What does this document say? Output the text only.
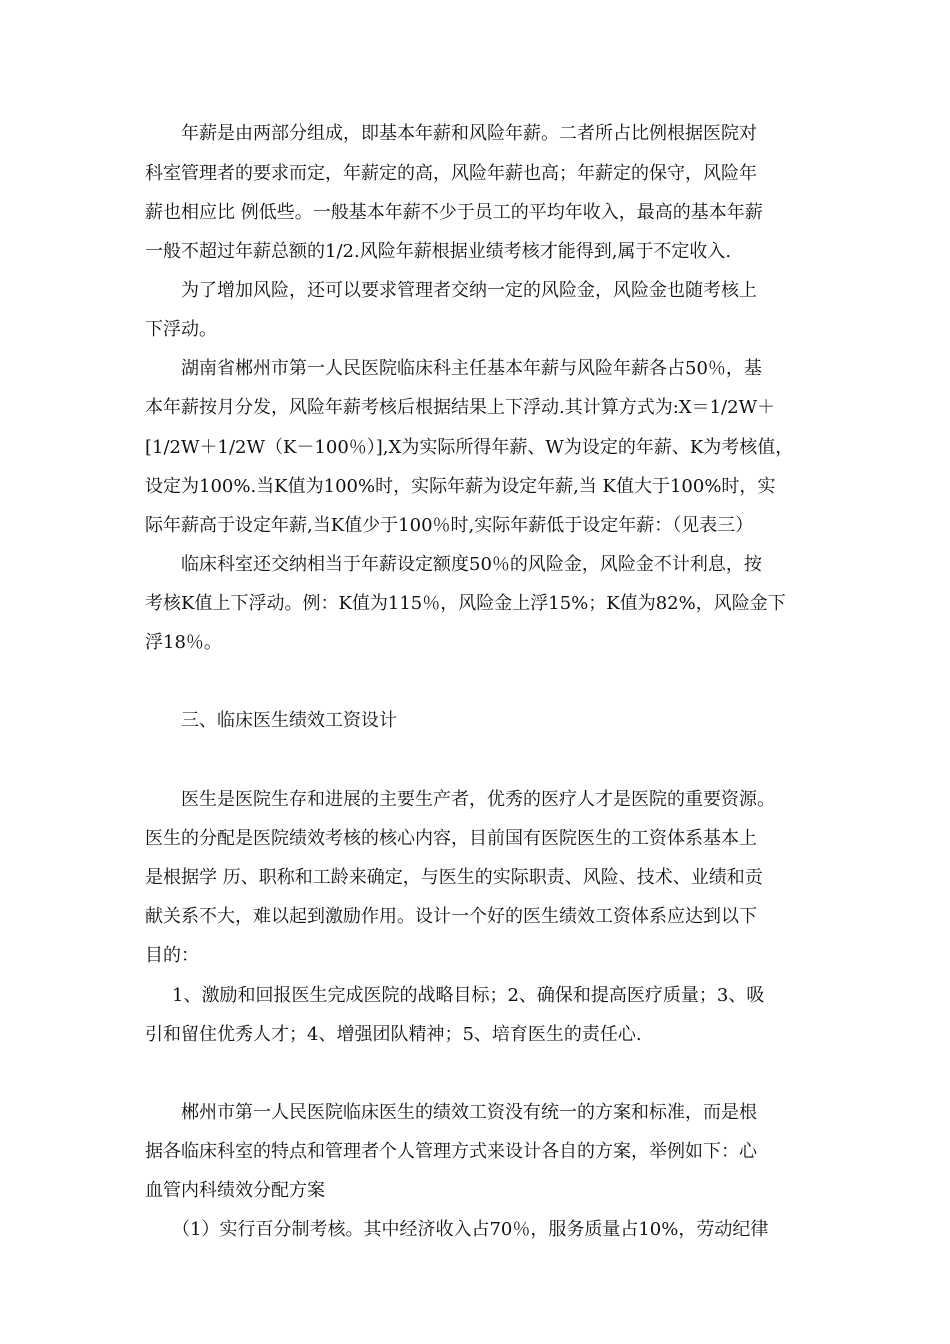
年薪是由两部分组成，即基本年薪和风险年薪。二者所占比例根据医院对
科室管理者的要求而定，年薪定的高，风险年薪也高；年薪定的保守，风险年
薪也相应比 例低些。一般基本年薪不少于员工的平均年收入，最高的基本年薪
一般不超过年薪总额的1/2.风险年薪根据业绩考核才能得到,属于不定收入.
为了增加风险，还可以要求管理者交纳一定的风险金，风险金也随考核上
下浮动。
湖南省郴州市第一人民医院临床科主任基本年薪与风险年薪各占50％，基
本年薪按月分发，风险年薪考核后根据结果上下浮动.其计算方式为:X＝1/2W＋
[1/2W＋1/2W（K－100％）],X为实际所得年薪、W为设定的年薪、K为考核值，
设定为100%.当K值为100%时，实际年薪为设定年薪,当 K值大于100%时，实
际年薪高于设定年薪,当K值少于100％时,实际年薪低于设定年薪：（见表三）
临床科室还交纳相当于年薪设定额度50％的风险金，风险金不计利息，按
考核K值上下浮动。例：K值为115％，风险金上浮15%；K值为82%，风险金下
浮18％。
三、临床医生绩效工资设计
医生是医院生存和进展的主要生产者，优秀的医疗人才是医院的重要资源。
医生的分配是医院绩效考核的核心内容，目前国有医院医生的工资体系基本上
是根据学 历、职称和工龄来确定，与医生的实际职责、风险、技术、业绩和贡
献关系不大，难以起到激励作用。设计一个好的医生绩效工资体系应达到以下
目的：
1、激励和回报医生完成医院的战略目标；2、确保和提高医疗质量；3、吸
引和留住优秀人才；4、增强团队精神；5、培育医生的责任心.
郴州市第一人民医院临床医生的绩效工资没有统一的方案和标准，而是根
据各临床科室的特点和管理者个人管理方式来设计各自的方案，举例如下：心
血管内科绩效分配方案
（1）实行百分制考核。其中经济收入占70％，服务质量占10%，劳动纪律
